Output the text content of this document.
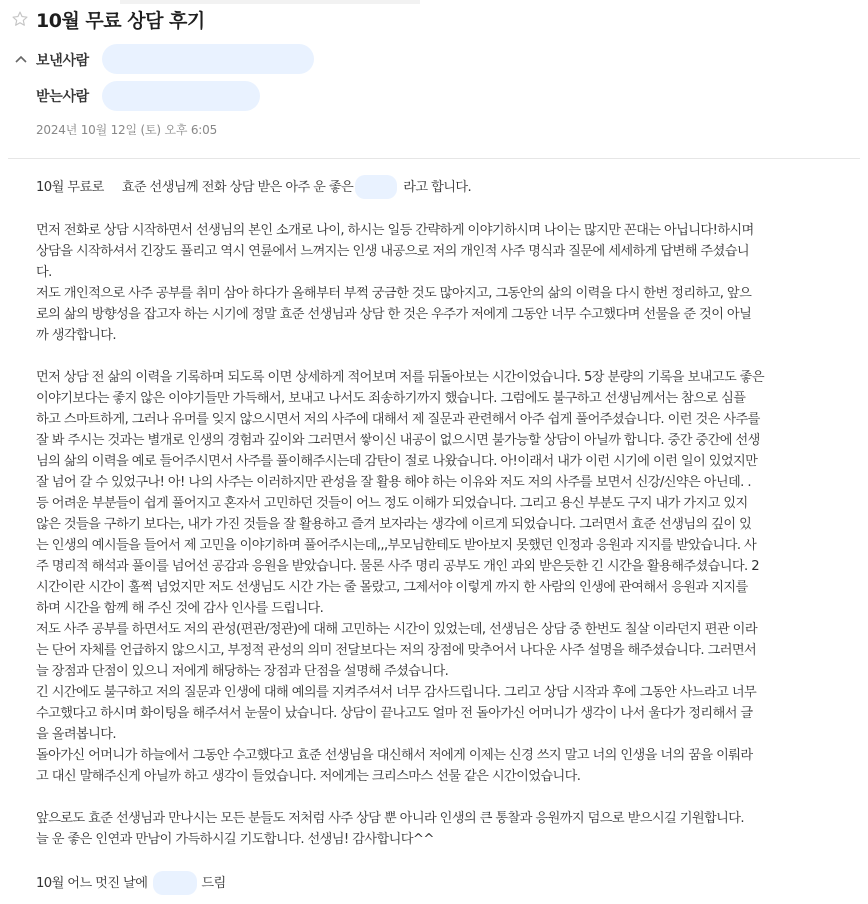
10월 무료 상담 후기
보낸사람
받는사람
2024년 10월 12일 (토) 오후 6:05

10월 무료로     효준 선생님께 전화 상담 받은 아주 운 좋은	라고 합니다.

먼저 전화로 상담 시작하면서 선생님의 본인 소개로 나이, 하시는 일등 간략하게 이야기하시며 나이는 많지만 꼰대는 아닙니다!하시며

상담을 시작하셔서 긴장도 풀리고 역시 연륜에서 느껴지는 인생 내공으로 저의 개인적 사주 명식과 질문에 세세하게 답변해 주셨습니

다.

저도 개인적으로 사주 공부를 취미 삼아 하다가 올해부터 부쩍 궁금한 것도 많아지고, 그동안의 삶의 이력을 다시 한번 정리하고, 앞으

로의 삶의 방향성을 잡고자 하는 시기에 정말 효준 선생님과 상담 한 것은 우주가 저에게 그동안 너무 수고했다며 선물을 준 것이 아닐

까 생각합니다.

먼저 상담 전 삶의 이력을 기록하며 되도록 이면 상세하게 적어보며 저를 뒤돌아보는 시간이었습니다. 5장 분량의 기록을 보내고도 좋은

이야기보다는 좋지 않은 이야기들만 가득해서, 보내고 나서도 죄송하기까지 했습니다. 그럼에도 불구하고 선생님께서는 참으로 심플

하고 스마트하게, 그러나 유머를 잊지 않으시면서 저의 사주에 대해서 제 질문과 관련해서 아주 쉽게 풀어주셨습니다. 이런 것은 사주를

잘 봐 주시는 것과는 별개로 인생의 경험과 깊이와 그러면서 쌓이신 내공이 없으시면 불가능할 상담이 아닐까 합니다. 중간 중간에 선생

님의 삶의 이력을 예로 들어주시면서 사주를 풀이해주시는데 감탄이 절로 나왔습니다. 아!이래서 내가 이런 시기에 이런 일이 있었지만

잘 넘어 갈 수 있었구나! 아! 나의 사주는 이러하지만 관성을 잘 활용 해야 하는 이유와 저도 저의 사주를 보면서 신강/신약은 아닌데. .

등 어려운 부분들이 쉽게 풀어지고 혼자서 고민하던 것들이 어느 정도 이해가 되었습니다. 그리고 용신 부분도 구지 내가 가지고 있지

않은 것들을 구하기 보다는, 내가 가진 것들을 잘 활용하고 즐겨 보자라는 생각에 이르게 되었습니다. 그러면서 효준 선생님의 깊이 있

는 인생의 예시들을 들어서 제 고민을 이야기하며 풀어주시는데,,,부모님한테도 받아보지 못했던 인정과 응원과 지지를 받았습니다. 사

주 명리적 해석과 풀이를 넘어선 공감과 응원을 받았습니다. 물론 사주 명리 공부도 개인 과외 받은듯한 긴 시간을 활용해주셨습니다. 2

시간이란 시간이 훌쩍 넘었지만 저도 선생님도 시간 가는 줄 몰랐고, 그제서야 이렇게 까지 한 사람의 인생에 관여해서 응원과 지지를

하며 시간을 함께 해 주신 것에 감사 인사를 드립니다.

저도 사주 공부를 하면서도 저의 관성(편관/정관)에 대해 고민하는 시간이 있었는데, 선생님은 상담 중 한번도 칠살 이라던지 편관 이라

는 단어 자체를 언급하지 않으시고, 부정적 관성의 의미 전달보다는 저의 장점에 맞추어서 나다운 사주 설명을 해주셨습니다. 그러면서

늘 장점과 단점이 있으니 저에게 해당하는 장점과 단점을 설명해 주셨습니다.

긴 시간에도 불구하고 저의 질문과 인생에 대해 예의를 지켜주셔서 너무 감사드립니다. 그리고 상담 시작과 후에 그동안 사느라고 너무

수고했다고 하시며 화이팅을 해주셔서 눈물이 났습니다. 상담이 끝나고도 얼마 전 돌아가신 어머니가 생각이 나서 울다가 정리해서 글

을 올려봅니다.

돌아가신 어머니가 하늘에서 그동안 수고했다고 효준 선생님을 대신해서 저에게 이제는 신경 쓰지 말고 너의 인생을 너의 꿈을 이뤄라

고 대신 말해주신게 아닐까 하고 생각이 들었습니다. 저에게는 크리스마스 선물 같은 시간이었습니다.

앞으로도 효준 선생님과 만나시는 모든 분들도 저처럼 사주 상담 뿐 아니라 인생의 큰 통찰과 응원까지 덤으로 받으시길 기원합니다.

늘 운 좋은 인연과 만남이 가득하시길 기도합니다. 선생님! 감사합니다^^

10월 어느 멋진 날에	드림
